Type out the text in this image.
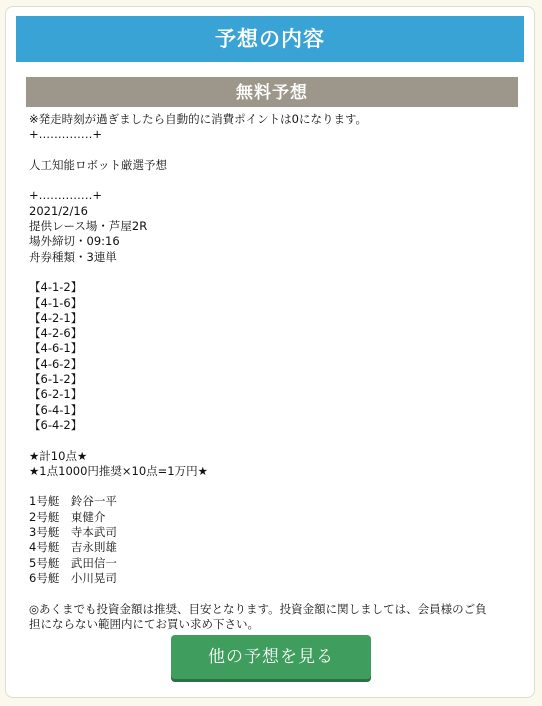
予想の内容
無料予想
※発走時刻が過ぎましたら自動的に消費ポイントは0になります。
+‥‥‥‥‥‥‥+
人工知能ロボット厳選予想
+‥‥‥‥‥‥‥+
2021/2/16
提供レース場・芦屋2R
場外締切・09:16
舟券種類・3連単
【4-1-2】
【4-1-6】
【4-2-1】
【4-2-6】
【4-6-1】
【4-6-2】
【6-1-2】
【6-2-1】
【6-4-1】
【6-4-2】
★計10点★
★1点1000円推奨×10点=1万円★
1号艇　 鈴谷一平
2号艇　 東健介
3号艇　 寺本武司
4号艇　 吉永則雄
5号艇　 武田信一
6号艇　 小川晃司
◎あくまでも投資金額は推奨、目安となります。投資金額に関しましては、会員様のご負
担にならない範囲内にてお買い求め下さい。
他の予想を見る
